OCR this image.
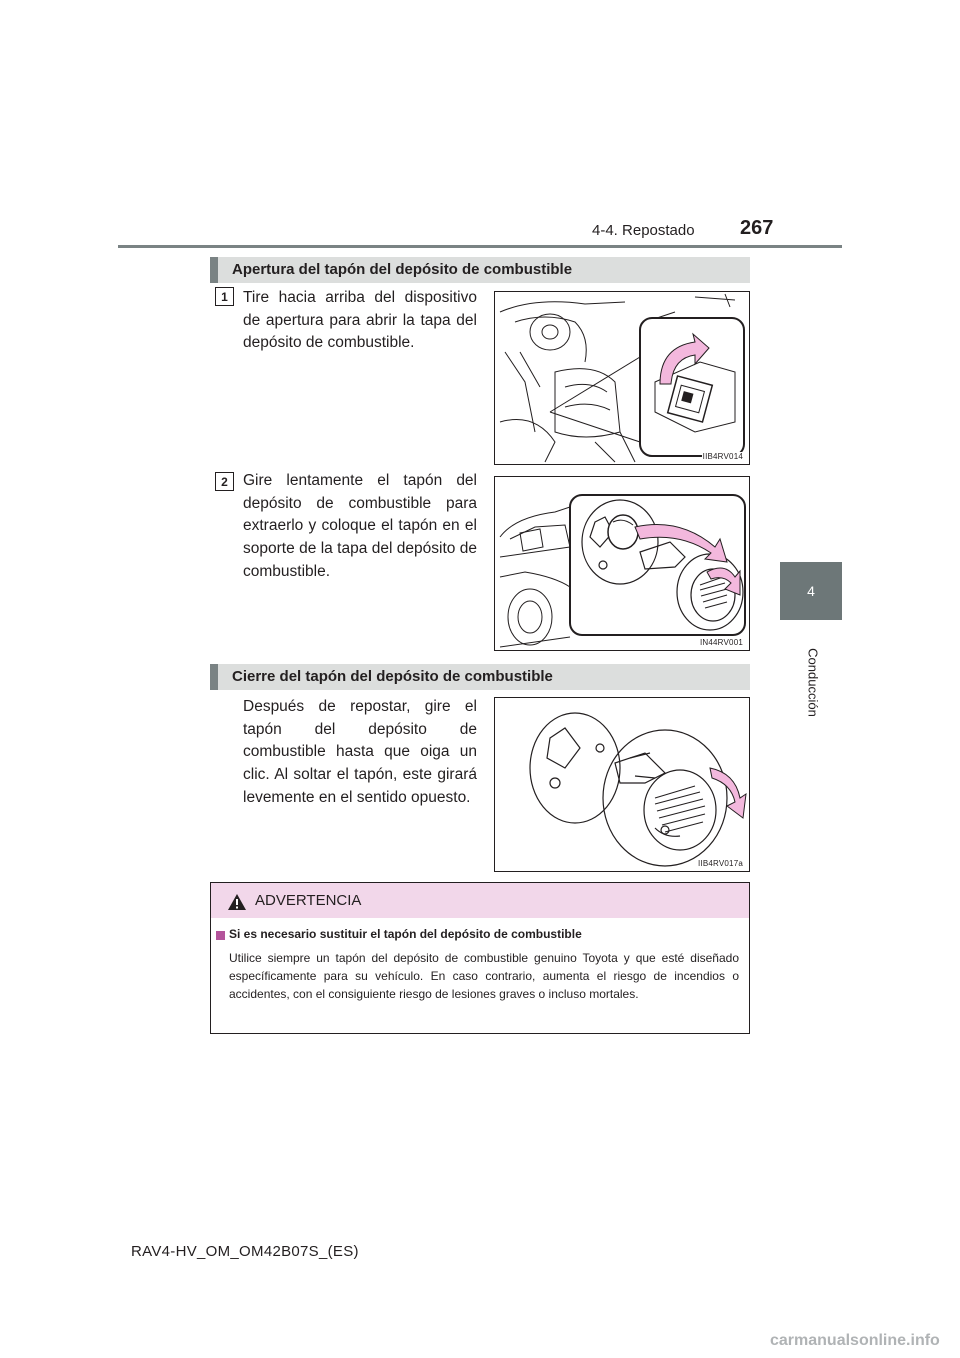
4-4. Repostado 267
4
Conducción
Apertura del tapón del depósito de combustible
1 Tire hacia arriba del dispositivo de apertura para abrir la tapa del depósito de combustible.
IIB4RV014
2 Gire lentamente el tapón del depósito de combustible para extraerlo y coloque el tapón en el soporte de la tapa del depósito de combustible.
IN44RV001
Cierre del tapón del depósito de combustible
Después de repostar, gire el tapón del depósito de combustible hasta que oiga un clic. Al soltar el tapón, este girará levemente en el sentido opuesto.
IIB4RV017a
ADVERTENCIA
Si es necesario sustituir el tapón del depósito de combustible
Utilice siempre un tapón del depósito de combustible genuino Toyota y que esté diseñado específicamente para su vehículo. En caso contrario, aumenta el riesgo de incendios o accidentes, con el consiguiente riesgo de lesiones graves o incluso mortales.
RAV4-HV_OM_OM42B07S_(ES)
carmanualsonline.info
